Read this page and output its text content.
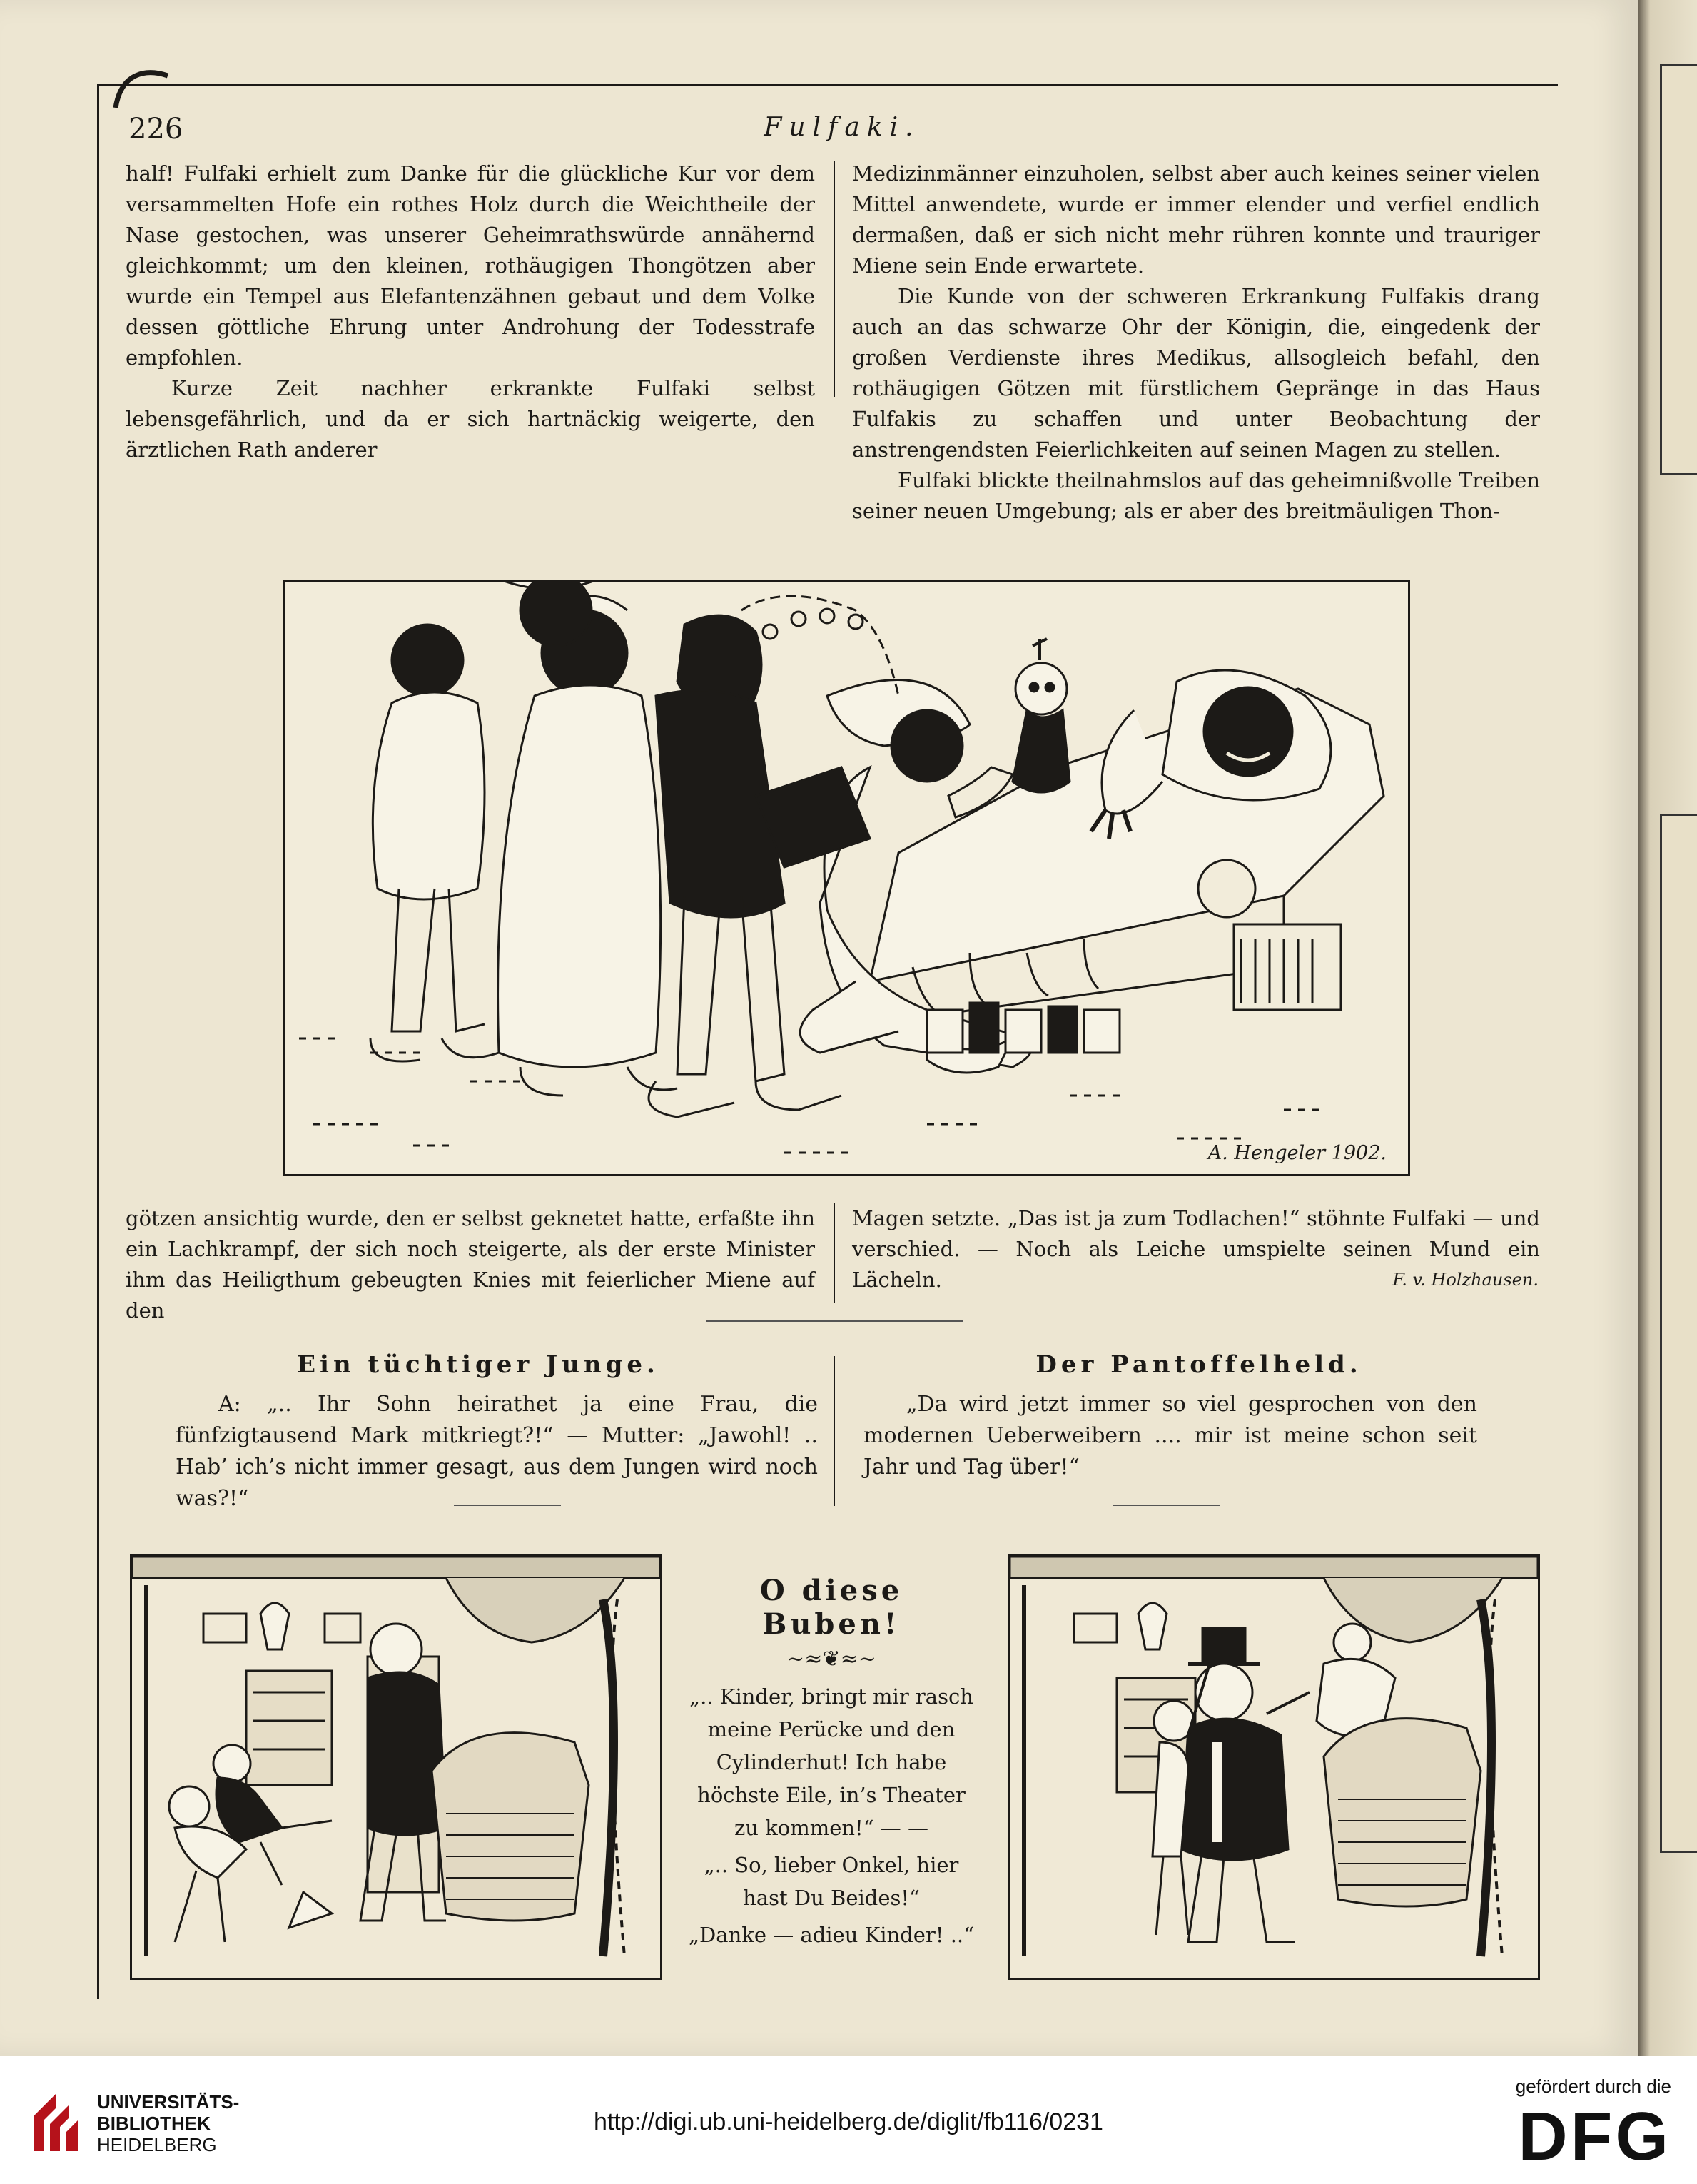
226	Fulfaki.

half! Fulfaki erhielt zum Danke für die glückliche Kur vor dem versammelten Hofe ein rothes Holz durch die Weichtheile der Nase gestochen, was unserer Geheimrathswürde annähernd gleichkommt; um den kleinen, rothäugigen Thongötzen aber wurde ein Tempel aus Elefantenzähnen gebaut und dem Volke dessen göttliche Ehrung unter Androhung der Todesstrafe empfohlen.

Kurze Zeit nachher erkrankte Fulfaki selbst lebensgefährlich, und da er sich hartnäckig weigerte, den ärztlichen Rath anderer

Medizinmänner einzuholen, selbst aber auch keines seiner vielen Mittel anwendete, wurde er immer elender und verfiel endlich dermaßen, daß er sich nicht mehr rühren konnte und trauriger Miene sein Ende erwartete.

Die Kunde von der schweren Erkrankung Fulfakis drang auch an das schwarze Ohr der Königin, die, eingedenk der großen Verdienste ihres Medikus, allsogleich befahl, den rothäugigen Götzen mit fürstlichem Gepränge in das Haus Fulfakis zu schaffen und unter Beobachtung der anstrengendsten Feierlichkeiten auf seinen Magen zu stellen.

Fulfaki blickte theilnahmslos auf das geheimnißvolle Treiben seiner neuen Umgebung; als er aber des breitmäuligen Thon-

A. Hengeler 1902.

götzen ansichtig wurde, den er selbst geknetet hatte, erfaßte ihn ein Lachkrampf, der sich noch steigerte, als der erste Minister ihm das Heiligthum gebeugten Knies mit feierlicher Miene auf den

Magen setzte. „Das ist ja zum Todlachen!“ stöhnte Fulfaki — und verschied. — Noch als Leiche umspielte seinen Mund ein Lächeln.	F. v. Holzhausen.
Ein tüchtiger Junge.

A: „.. Ihr Sohn heirathet ja eine Frau, die fünfzigtausend Mark mitkriegt?!“ — Mutter: „Jawohl! .. Hab’ ich’s nicht immer gesagt, aus dem Jungen wird noch was?!“

Der Pantoffelheld.

„Da wird jetzt immer so viel gesprochen von den modernen Ueberweibern .... mir ist meine schon seit Jahr und Tag über!“

O diese Buben!
~≈❦≈~

„.. Kinder, bringt mir rasch meine Perücke und den Cylinderhut! Ich habe höchste Eile, in’s Theater zu kommen!“ — —

„.. So, lieber Onkel, hier hast Du Beides!“

„Danke — adieu Kinder! ..“

UNIVERSITÄTS-
BIBLIOTHEK
HEIDELBERG
http://digi.ub.uni-heidelberg.de/diglit/fb116/0231
gefördert durch die
DFG
